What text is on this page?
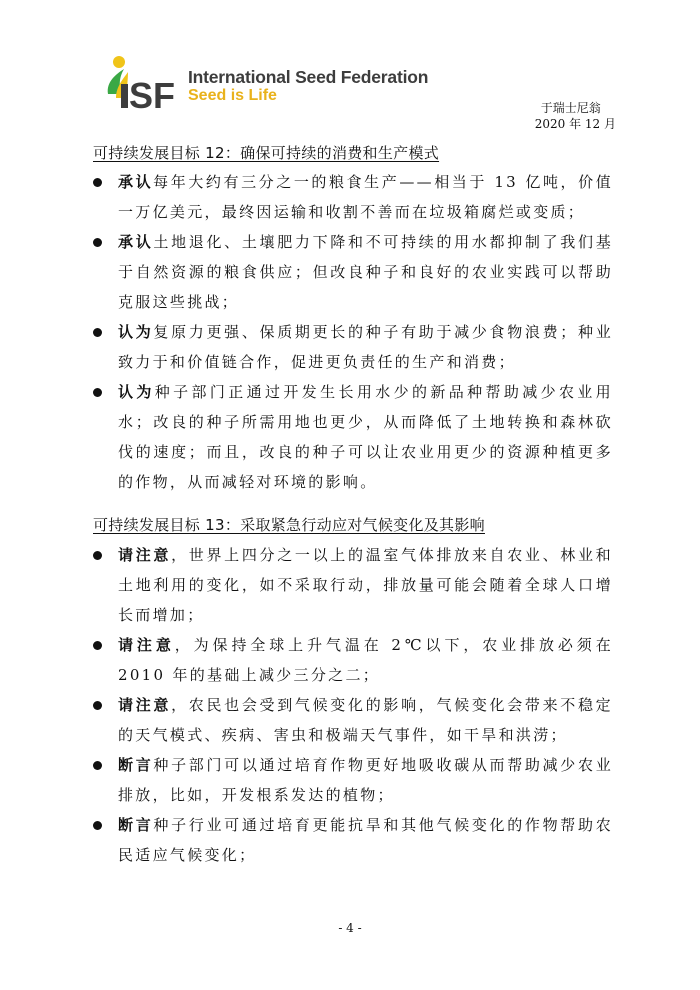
SF International Seed Federation
Seed is Life
于瑞士尼翁
2020 年 12 月
可持续发展目标 12：确保可持续的消费和生产模式
承认每年大约有三分之一的粮食生产——相当于 13 亿吨，价值一万亿美元，最终因运输和收割不善而在垃圾箱腐烂或变质；
承认土地退化、土壤肥力下降和不可持续的用水都抑制了我们基于自然资源的粮食供应；但改良种子和良好的农业实践可以帮助克服这些挑战；
认为复原力更强、保质期更长的种子有助于减少食物浪费；种业致力于和价值链合作，促进更负责任的生产和消费；
认为种子部门正通过开发生长用水少的新品种帮助减少农业用水；改良的种子所需用地也更少，从而降低了土地转换和森林砍伐的速度；而且，改良的种子可以让农业用更少的资源种植更多的作物，从而减轻对环境的影响。
可持续发展目标 13：采取紧急行动应对气候变化及其影响
请注意，世界上四分之一以上的温室气体排放来自农业、林业和土地利用的变化，如不采取行动，排放量可能会随着全球人口增长而增加；
请注意，为保持全球上升气温在 2℃以下，农业排放必须在 2010 年的基础上减少三分之二；
请注意，农民也会受到气候变化的影响，气候变化会带来不稳定的天气模式、疾病、害虫和极端天气事件，如干旱和洪涝；
断言种子部门可以通过培育作物更好地吸收碳从而帮助减少农业排放，比如，开发根系发达的植物；
断言种子行业可通过培育更能抗旱和其他气候变化的作物帮助农民适应气候变化；
- 4 -
